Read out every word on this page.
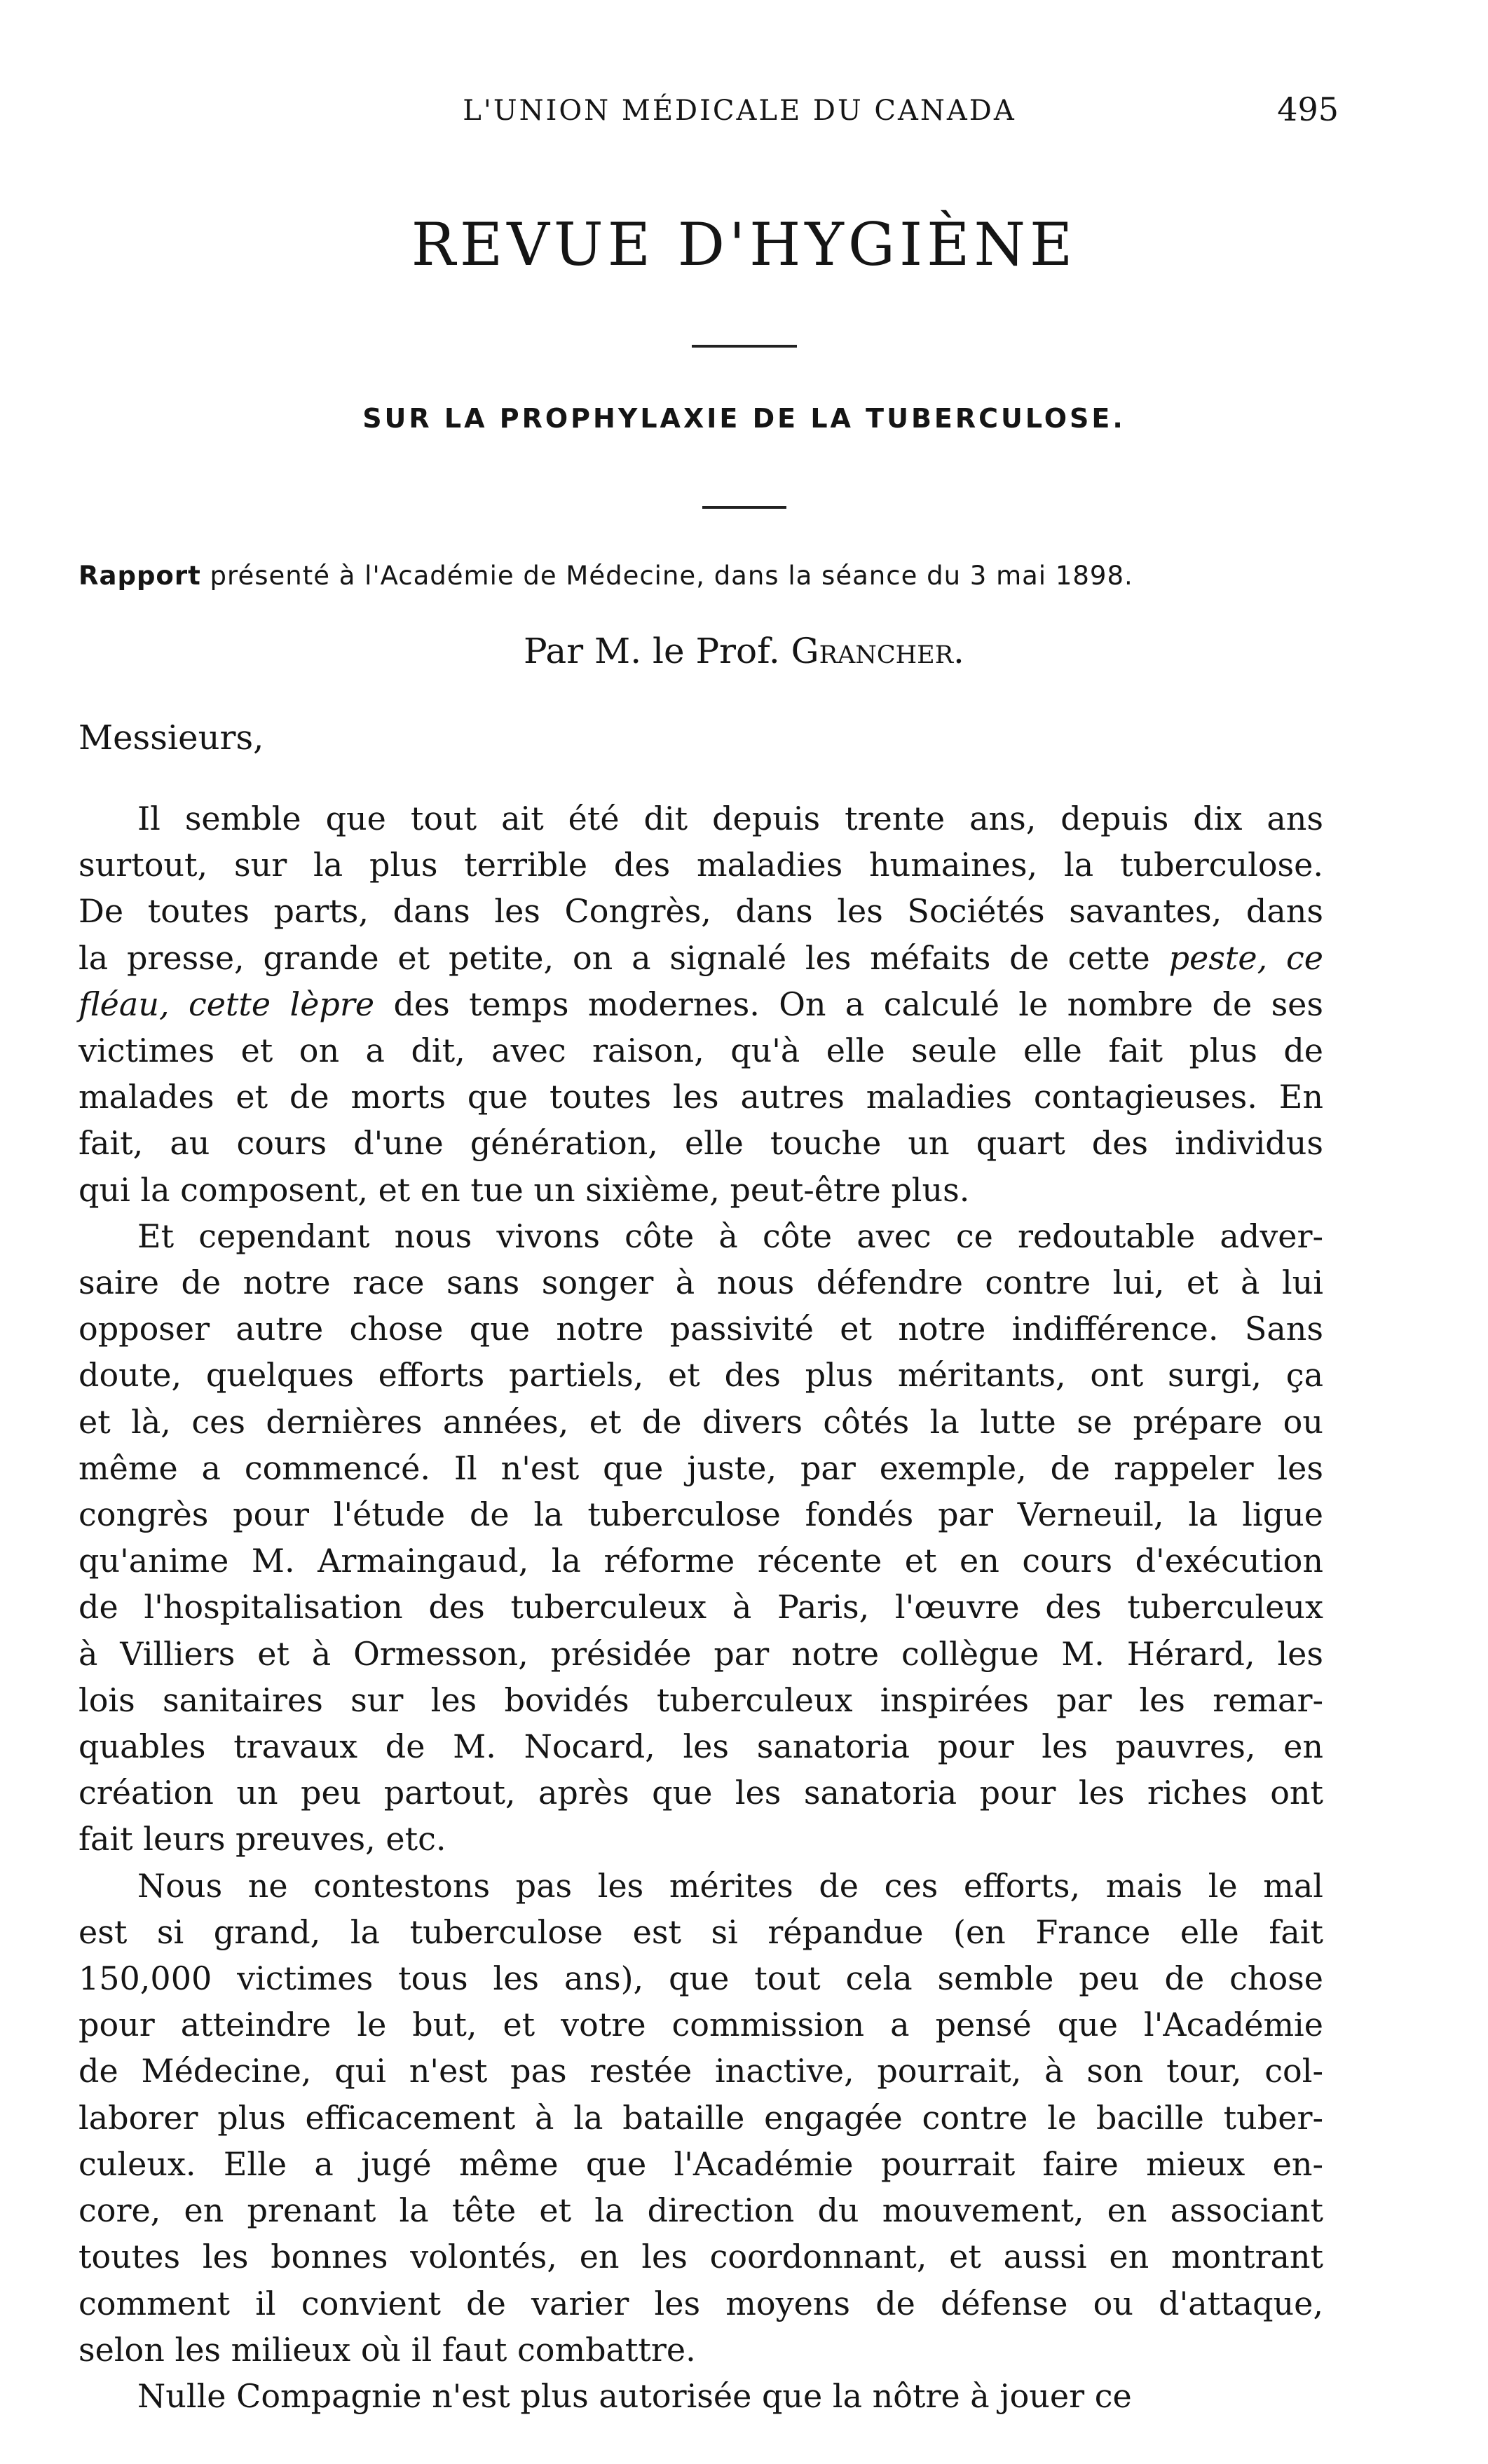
L'UNION MÉDICALE DU CANADA	495
REVUE D'HYGIÈNE
SUR LA PROPHYLAXIE DE LA TUBERCULOSE.
Rapport présenté à l'Académie de Médecine, dans la séance du 3 mai 1898.
Par M. le Prof. Grancher.
Messieurs,

Il semble que tout ait été dit depuis trente ans, depuis dix ans
surtout, sur la plus terrible des maladies humaines, la tuberculose.
De toutes parts, dans les Congrès, dans les Sociétés savantes, dans
la presse, grande et petite, on a signalé les méfaits de cette peste, ce
fléau, cette lèpre des temps modernes. On a calculé le nombre de ses
victimes et on a dit, avec raison, qu'à elle seule elle fait plus de
malades et de morts que toutes les autres maladies contagieuses. En
fait, au cours d'une génération, elle touche un quart des individus
qui la composent, et en tue un sixième, peut-être plus.

Et cependant nous vivons côte à côte avec ce redoutable adver-
saire de notre race sans songer à nous défendre contre lui, et à lui
opposer autre chose que notre passivité et notre indifférence. Sans
doute, quelques efforts partiels, et des plus méritants, ont surgi, ça
et là, ces dernières années, et de divers côtés la lutte se prépare ou
même a commencé. Il n'est que juste, par exemple, de rappeler les
congrès pour l'étude de la tuberculose fondés par Verneuil, la ligue
qu'anime M. Armaingaud, la réforme récente et en cours d'exécution
de l'hospitalisation des tuberculeux à Paris, l'œuvre des tuberculeux
à Villiers et à Ormesson, présidée par notre collègue M. Hérard, les
lois sanitaires sur les bovidés tuberculeux inspirées par les remar-
quables travaux de M. Nocard, les sanatoria pour les pauvres, en
création un peu partout, après que les sanatoria pour les riches ont
fait leurs preuves, etc.

Nous ne contestons pas les mérites de ces efforts, mais le mal
est si grand, la tuberculose est si répandue (en France elle fait
150,000 victimes tous les ans), que tout cela semble peu de chose
pour atteindre le but, et votre commission a pensé que l'Académie
de Médecine, qui n'est pas restée inactive, pourrait, à son tour, col-
laborer plus efficacement à la bataille engagée contre le bacille tuber-
culeux. Elle a jugé même que l'Académie pourrait faire mieux en-
core, en prenant la tête et la direction du mouvement, en associant
toutes les bonnes volontés, en les coordonnant, et aussi en montrant
comment il convient de varier les moyens de défense ou d'attaque,
selon les milieux où il faut combattre.

Nulle Compagnie n'est plus autorisée que la nôtre à jouer ce
